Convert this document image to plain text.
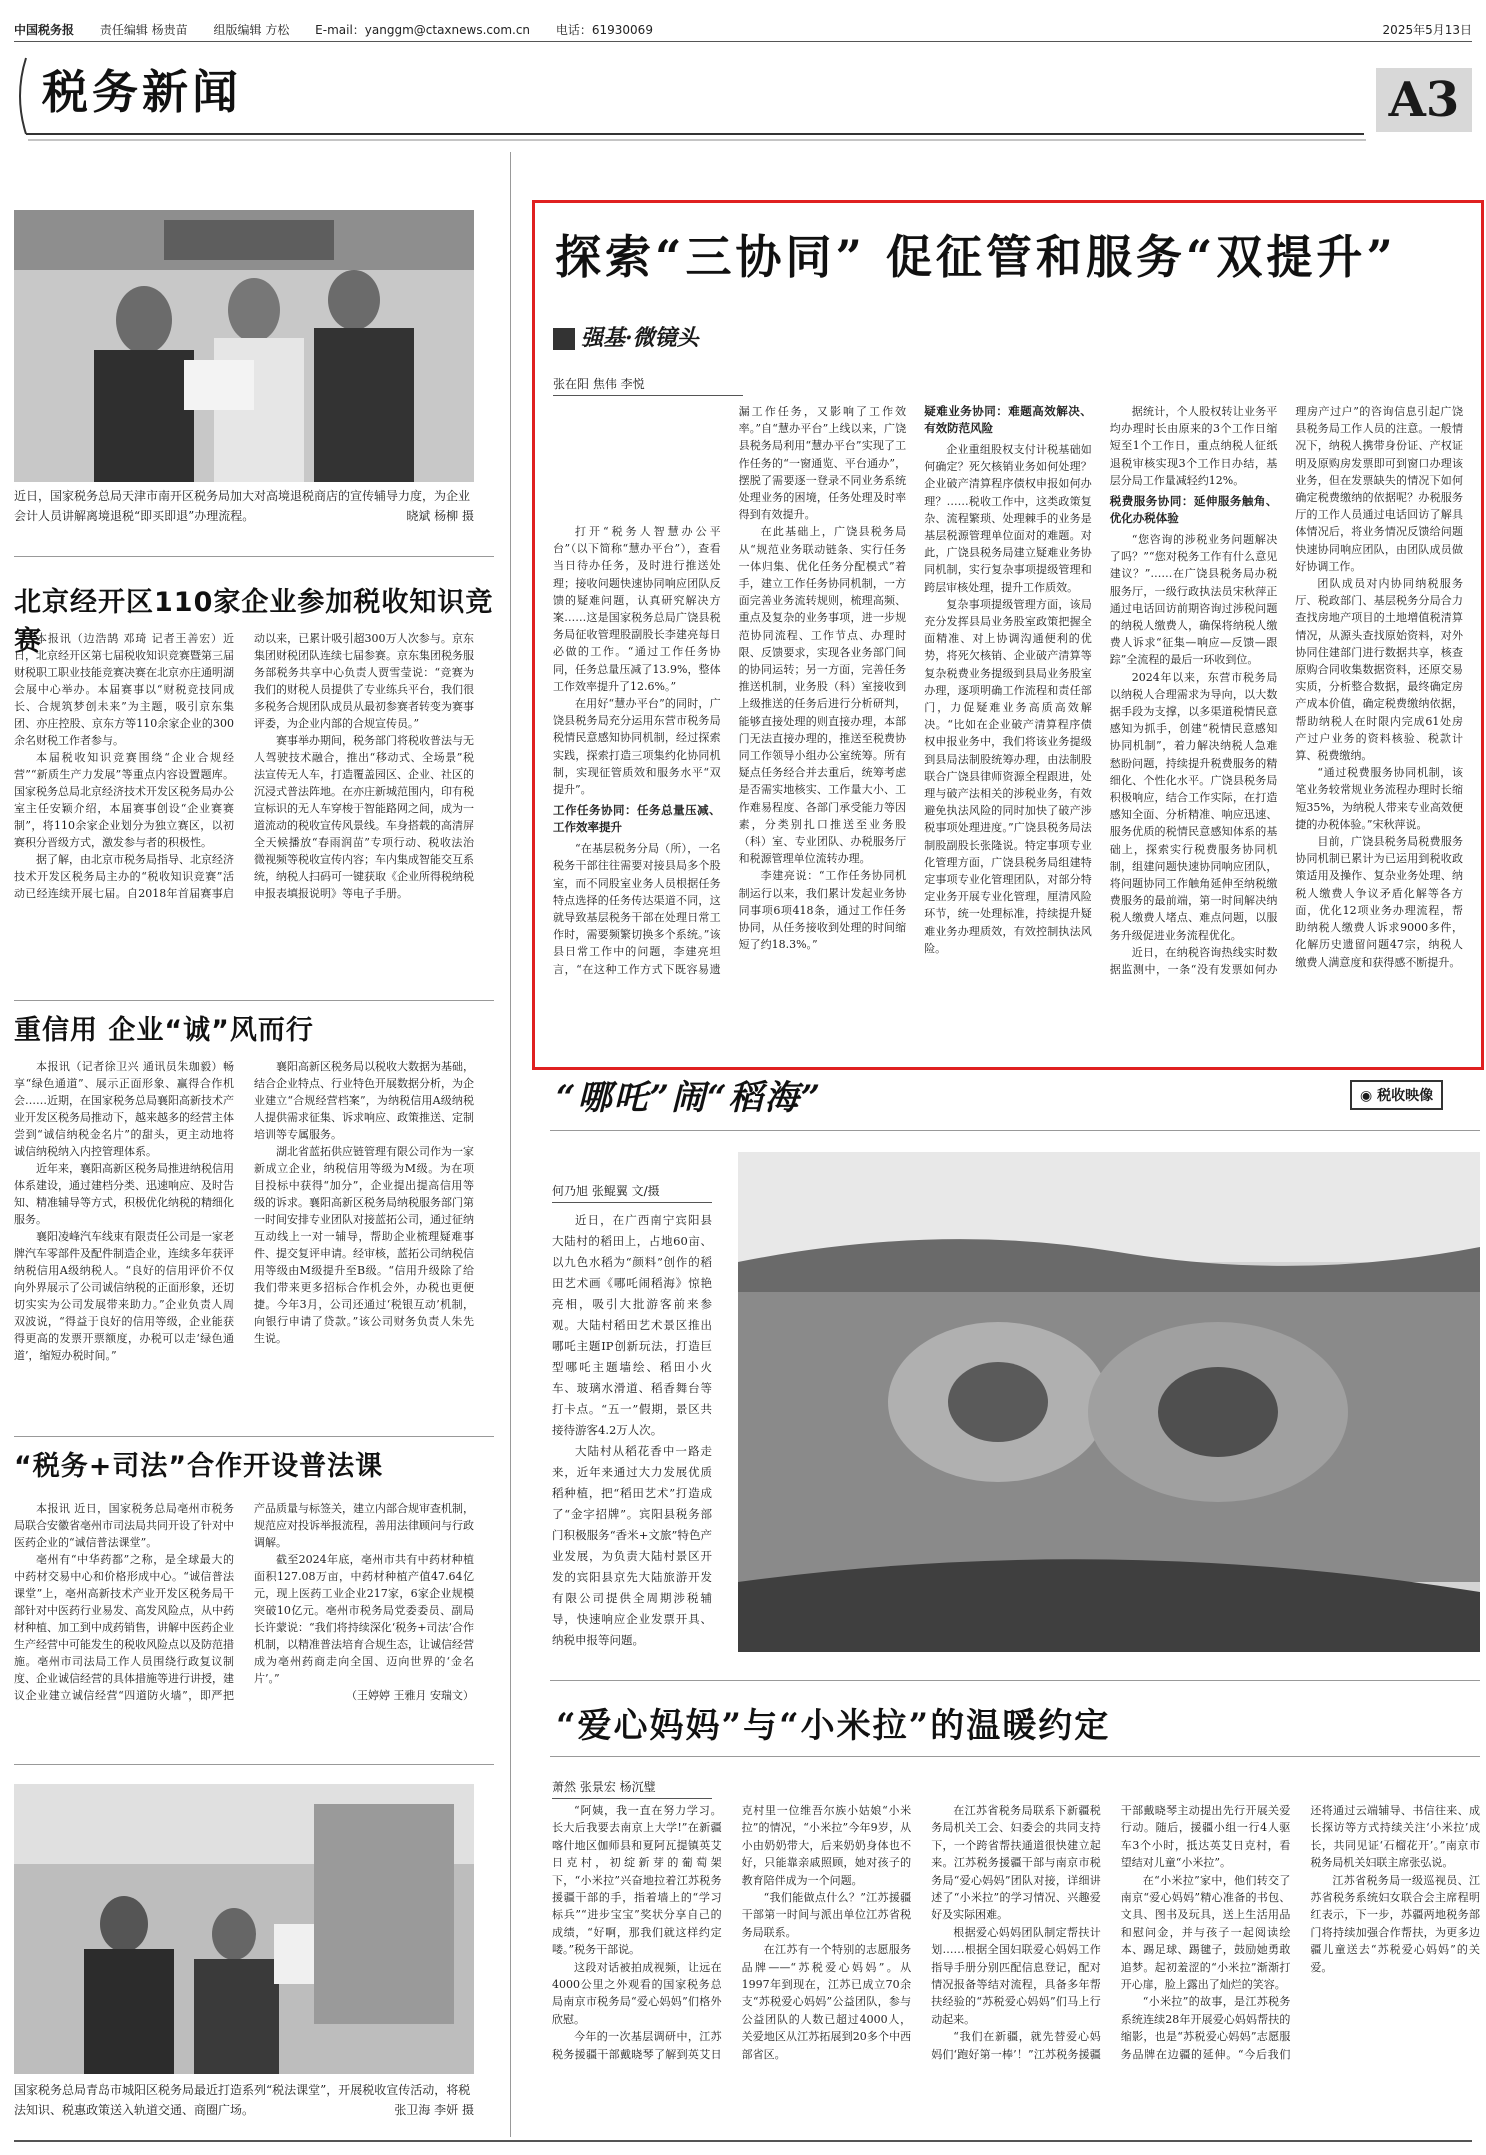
中国税务报 责任编辑 杨贵苗 组版编辑 方松 E-mail：yanggm@ctaxnews.com.cn 电话：61930069	2025年5月13日
税务新闻	A3
近日，国家税务总局天津市南开区税务局加大对高境退税商店的宣传辅导力度，为企业会计人员讲解离境退税“即买即退”办理流程。	晓斌 杨柳 摄
北京经开区110家企业参加税收知识竞赛

本报讯（边浩鹄 邓琦 记者王善宏）近日，北京经开区第七届税收知识竞赛暨第三届财税职工职业技能竞赛决赛在北京亦庄通明湖会展中心举办。本届赛事以“财税竞技同成长、合规筑梦创未来”为主题，吸引京东集团、亦庄控股、京东方等110余家企业的300余名财税工作者参与。

本届税收知识竞赛围绕“企业合规经营”“新质生产力发展”等重点内容设置题库。国家税务总局北京经济技术开发区税务局办公室主任安颖介绍，本届赛事创设“企业赛赛制”，将110余家企业划分为独立赛区，以初赛积分晋级方式，激发参与者的积极性。

据了解，由北京市税务局指导、北京经济技术开发区税务局主办的“税收知识竞赛”活动已经连续开展七届。自2018年首届赛事启动以来，已累计吸引超300万人次参与。京东集团财税团队连续七届参赛。京东集团税务服务部税务共享中心负责人贾雪莹说：“竞赛为我们的财税人员提供了专业练兵平台，我们很多税务合规团队成员从最初参赛者转变为赛事评委，为企业内部的合规宣传员。”

赛事举办期间，税务部门将税收普法与无人驾驶技术融合，推出“移动式、全场景”税法宣传无人车，打造覆盖园区、企业、社区的沉浸式普法阵地。在亦庄新城范围内，印有税宣标识的无人车穿梭于智能路网之间，成为一道流动的税收宣传风景线。车身搭载的高清屏全天候播放“春雨润苗”专项行动、税收法治微视频等税收宣传内容；车内集成智能交互系统，纳税人扫码可一键获取《企业所得税纳税申报表填报说明》等电子手册。

重信用 企业“诚”风而行

本报讯（记者徐卫兴 通讯员朱珈毅）畅享“绿色通道”、展示正面形象、赢得合作机会……近期，在国家税务总局襄阳高新技术产业开发区税务局推动下，越来越多的经营主体尝到“诚信纳税金名片”的甜头，更主动地将诚信纳税纳入内控管理体系。

近年来，襄阳高新区税务局推进纳税信用体系建设，通过建档分类、迅速响应、及时告知、精准辅导等方式，积极优化纳税的精细化服务。

襄阳凌峰汽车线束有限责任公司是一家老牌汽车零部件及配件制造企业，连续多年获评纳税信用A级纳税人。“良好的信用评价不仅向外界展示了公司诚信纳税的正面形象，还切切实实为公司发展带来助力。”企业负责人周双波说，“得益于良好的信用等级，企业能获得更高的发票开票额度，办税可以走‘绿色通道’，缩短办税时间。”

襄阳高新区税务局以税收大数据为基础，结合企业特点、行业特色开展数据分析，为企业建立“合规经营档案”，为纳税信用A级纳税人提供需求征集、诉求响应、政策推送、定制培训等专属服务。

湖北省蓝拓供应链管理有限公司作为一家新成立企业，纳税信用等级为M级。为在项目投标中获得“加分”，企业提出提高信用等级的诉求。襄阳高新区税务局纳税服务部门第一时间安排专业团队对接蓝拓公司，通过征纳互动线上一对一辅导，帮助企业梳理疑难事件、提交复评申请。经审核，蓝拓公司纳税信用等级由M级提升至B级。“信用升级除了给我们带来更多招标合作机会外，办税也更便捷。今年3月，公司还通过‘税银互动’机制，向银行申请了贷款。”该公司财务负责人朱先生说。

“税务+司法”合作开设普法课

本报讯 近日，国家税务总局亳州市税务局联合安徽省亳州市司法局共同开设了针对中医药企业的“诚信普法课堂”。

亳州有“中华药都”之称，是全球最大的中药材交易中心和价格形成中心。“诚信普法课堂”上，亳州高新技术产业开发区税务局干部针对中医药行业易发、高发风险点，从中药材种植、加工到中成药销售，讲解中医药企业生产经营中可能发生的税收风险点以及防范措施。亳州市司法局工作人员围绕行政复议制度、企业诚信经营的具体措施等进行讲授，建议企业建立诚信经营“四道防火墙”，即严把产品质量与标签关，建立内部合规审查机制，规范应对投诉举报流程，善用法律顾问与行政调解。

截至2024年底，亳州市共有中药材种植面积127.08万亩，中药材种植产值47.64亿元，现上医药工业企业217家，6家企业规模突破10亿元。亳州市税务局党委委员、副局长许蒙说：“我们将持续深化‘税务+司法’合作机制，以精准普法培育合规生态，让诚信经营成为亳州药商走向全国、迈向世界的‘金名片’。”

（王婷婷 王雅月 安瑞文）

国家税务总局青岛市城阳区税务局最近打造系列“税法课堂”，开展税收宣传活动，将税法知识、税惠政策送入轨道交通、商圈广场。	张卫海 李妍 摄
探索“三协同” 促征管和服务“双提升”
强基·微镜头
张在阳 焦伟 李悦

打开“税务人智慧办公平台”（以下简称“慧办平台”），查看当日待办任务，及时进行推送处理；接收问题快速协同响应团队反馈的疑难问题，认真研究解决方案……这是国家税务总局广饶县税务局征收管理股副股长李建亮每日必做的工作。“通过工作任务协同，任务总量压减了13.9%，整体工作效率提升了12.6%。”

在用好“慧办平台”的同时，广饶县税务局充分运用东营市税务局税情民意感知协同机制，经过探索实践，探索打造三项集约化协同机制，实现征管质效和服务水平“双提升”。

工作任务协同：任务总量压减、工作效率提升

“在基层税务分局（所），一名税务干部往往需要对接县局多个股室，而不同股室业务人员根据任务特点选择的任务传达渠道不同，这就导致基层税务干部在处理日常工作时，需要频繁切换多个系统。”该县日常工作中的问题，李建亮坦言，“在这种工作方式下既容易遗漏工作任务，又影响了工作效率。”自“慧办平台”上线以来，广饶县税务局利用“慧办平台”实现了工作任务的“一窗通览、平台通办”，摆脱了需要逐一登录不同业务系统处理业务的困境，任务处理及时率得到有效提升。

在此基础上，广饶县税务局从“规范业务联动链条、实行任务一体归集、优化任务分配模式”着手，建立工作任务协同机制，一方面完善业务流转规则，梳理高频、重点及复杂的业务事项，进一步规范协同流程、工作节点、办理时限、反馈要求，实现各业务部门间的协同运转；另一方面，完善任务推送机制，业务股（科）室接收到上级推送的任务后进行分析研判，能够直接处理的则直接办理，本部门无法直接办理的，推送至税费协同工作领导小组办公室统筹。所有疑点任务经合并去重后，统筹考虑是否需实地核实、工作量大小、工作难易程度、各部门承受能力等因素，分类别扎口推送至业务股（科）室、专业团队、办税服务厅和税源管理单位流转办理。

李建亮说：“工作任务协同机制运行以来，我们累计发起业务协同事项6项418条，通过工作任务协同，从任务接收到处理的时间缩短了约18.3%。”

疑难业务协同：难题高效解决、有效防范风险

企业重组股权支付计税基础如何确定？死欠核销业务如何处理？企业破产清算程序债权申报如何办理？……税收工作中，这类政策复杂、流程繁琐、处理棘手的业务是基层税源管理单位面对的难题。对此，广饶县税务局建立疑难业务协同机制，实行复杂事项提级管理和跨层审核处理，提升工作质效。

复杂事项提级管理方面，该局充分发挥县局业务股室政策把握全面精准、对上协调沟通便利的优势，将死欠核销、企业破产清算等复杂税费业务提级到县局业务股室办理，逐项明确工作流程和责任部门，力促疑难业务高质高效解决。“比如在企业破产清算程序债权申报业务中，我们将该业务提级到县局法制股统筹办理，由法制股联合广饶县律师资源全程跟进，处理与破产法相关的涉税业务，有效避免执法风险的同时加快了破产涉税事项处理进度。”广饶县税务局法制股副股长张隆说。特定事项专业化管理方面，广饶县税务局组建特定事项专业化管理团队，对部分特定业务开展专业化管理，厘清风险环节，统一处理标准，持续提升疑难业务办理质效，有效控制执法风险。

据统计，个人股权转让业务平均办理时长由原来的3个工作日缩短至1个工作日，重点纳税人征纸退税审核实现3个工作日办结，基层分局工作量减轻约12%。

税费服务协同：延伸服务触角、优化办税体验

“您咨询的涉税业务问题解决了吗？”“您对税务工作有什么意见建议？”……在广饶县税务局办税服务厅，一级行政执法员宋秋萍正通过电话回访前期咨询过涉税问题的纳税人缴费人，确保将纳税人缴费人诉求“征集—响应—反馈—跟踪”全流程的最后一环收到位。

2024年以来，东营市税务局以纳税人合理需求为导向，以大数据手段为支撑，以多渠道税情民意感知为抓手，创建“税情民意感知协同机制”，着力解决纳税人急难愁盼问题，持续提升税费服务的精细化、个性化水平。广饶县税务局积极响应，结合工作实际，在打造感知全面、分析精准、响应迅速、服务优质的税情民意感知体系的基础上，探索实行税费服务协同机制，组建问题快速协同响应团队，将问题协同工作触角延伸至纳税缴费服务的最前端，第一时间解决纳税人缴费人堵点、难点问题，以服务升级促进业务流程优化。

近日，在纳税咨询热线实时数据监测中，一条“没有发票如何办理房产过户”的咨询信息引起广饶县税务局工作人员的注意。一般情况下，纳税人携带身份证、产权证明及原购房发票即可到窗口办理该业务，但在发票缺失的情况下如何确定税费缴纳的依据呢？办税服务厅的工作人员通过电话回访了解具体情况后，将业务情况反馈给问题快速协同响应团队，由团队成员做好协调工作。

团队成员对内协同纳税服务厅、税政部门、基层税务分局合力查找房地产项目的土地增值税清算情况，从源头查找原始资料，对外协同住建部门进行数据共享，核查原购合同收集数据资料，还原交易实质，分析整合数据，最终确定房产成本价值，确定税费缴纳依据，帮助纳税人在时限内完成61处房产过户业务的资料核验、税款计算、税费缴纳。

“通过税费服务协同机制，该笔业务较常规业务流程办理时长缩短35%，为纳税人带来专业高效便捷的办税体验。”宋秋萍说。

目前，广饶县税务局税费服务协同机制已累计为已运用到税收政策适用及操作、复杂业务处理、纳税人缴费人争议矛盾化解等各方面，优化12项业务办理流程，帮助纳税人缴费人诉求9000多件，化解历史遗留问题47宗，纳税人缴费人满意度和获得感不断提升。

“哪吒”闹“稻海”	◉ 税收映像
何乃旭 张鲲翼 文/摄

近日，在广西南宁宾阳县大陆村的稻田上，占地60亩、以九色水稻为“颜料”创作的稻田艺术画《哪吒闹稻海》惊艳亮相，吸引大批游客前来参观。大陆村稻田艺术景区推出哪吒主题IP创新玩法，打造巨型哪吒主题墙绘、稻田小火车、玻璃水滑道、稻香舞台等打卡点。“五一”假期，景区共接待游客4.2万人次。

大陆村从稻花香中一路走来，近年来通过大力发展优质稻种植，把“稻田艺术”打造成了“金字招牌”。宾阳县税务部门积极服务“香米+文旅”特色产业发展，为负责大陆村景区开发的宾阳县京先大陆旅游开发有限公司提供全周期涉税辅导，快速响应企业发票开具、纳税申报等问题。

“爱心妈妈”与“小米拉”的温暖约定
萧然 张景宏 杨沉璧

“阿姨，我一直在努力学习。长大后我要去南京上大学!”在新疆喀什地区伽师县和夏阿瓦提镇英艾日克村，初绽新芽的葡萄架下，“小米拉”兴奋地拉着江苏税务援疆干部的手，指着墙上的“学习标兵”“进步宝宝”奖状分享自己的成绩，“好啊，那我们就这样约定喽。”税务干部说。

这段对话被拍成视频，让远在4000公里之外观看的国家税务总局南京市税务局“爱心妈妈”们格外欣慰。

今年的一次基层调研中，江苏税务援疆干部戴晓琴了解到英艾日克村里一位维吾尔族小姑娘“小米拉”的情况，“小米拉”今年9岁，从小由奶奶带大，后来奶奶身体也不好，只能靠亲戚照顾，她对孩子的教育陪伴成为一个问题。

“我们能做点什么？”江苏援疆干部第一时间与派出单位江苏省税务局联系。

在江苏有一个特别的志愿服务品牌——“苏税爱心妈妈”。从1997年到现在，江苏已成立70余支“苏税爱心妈妈”公益团队，参与公益团队的人数已超过4000人，关爱地区从江苏拓展到20多个中西部省区。

在江苏省税务局联系下新疆税务局机关工会、妇委会的共同支持下，一个跨省帮扶通道很快建立起来。江苏税务援疆干部与南京市税务局“爱心妈妈”团队对接，详细讲述了“小米拉”的学习情况、兴趣爱好及实际困难。

根据爱心妈妈团队制定帮扶计划……根据全国妇联爱心妈妈工作指导手册分别匹配信息登记，配对情况报备等结对流程，具备多年帮扶经验的“苏税爱心妈妈”们马上行动起来。

“我们在新疆，就先替爱心妈妈们‘跑好第一棒’！”江苏税务援疆干部戴晓琴主动提出先行开展关爱行动。随后，援疆小组一行4人驱车3个小时，抵达英艾日克村，看望结对儿童“小米拉”。

在“小米拉”家中，他们转交了南京“爱心妈妈”精心准备的书包、文具、图书及玩具，送上生活用品和慰问金，并与孩子一起阅读绘本、踢足球、踢毽子，鼓励她勇敢追梦。起初羞涩的“小米拉”渐渐打开心扉，脸上露出了灿烂的笑容。

“小米拉”的故事，是江苏税务系统连续28年开展爱心妈妈帮扶的缩影，也是“苏税爱心妈妈”志愿服务品牌在边疆的延伸。“今后我们还将通过云端辅导、书信往来、成长探访等方式持续关注‘小米拉’成长，共同见证‘石榴花开’。”南京市税务局机关妇联主席张弘说。

江苏省税务局一级巡视员、江苏省税务系统妇女联合会主席程明红表示，下一步，苏疆两地税务部门将持续加强合作帮扶，为更多边疆儿童送去“苏税爱心妈妈”的关爱。
